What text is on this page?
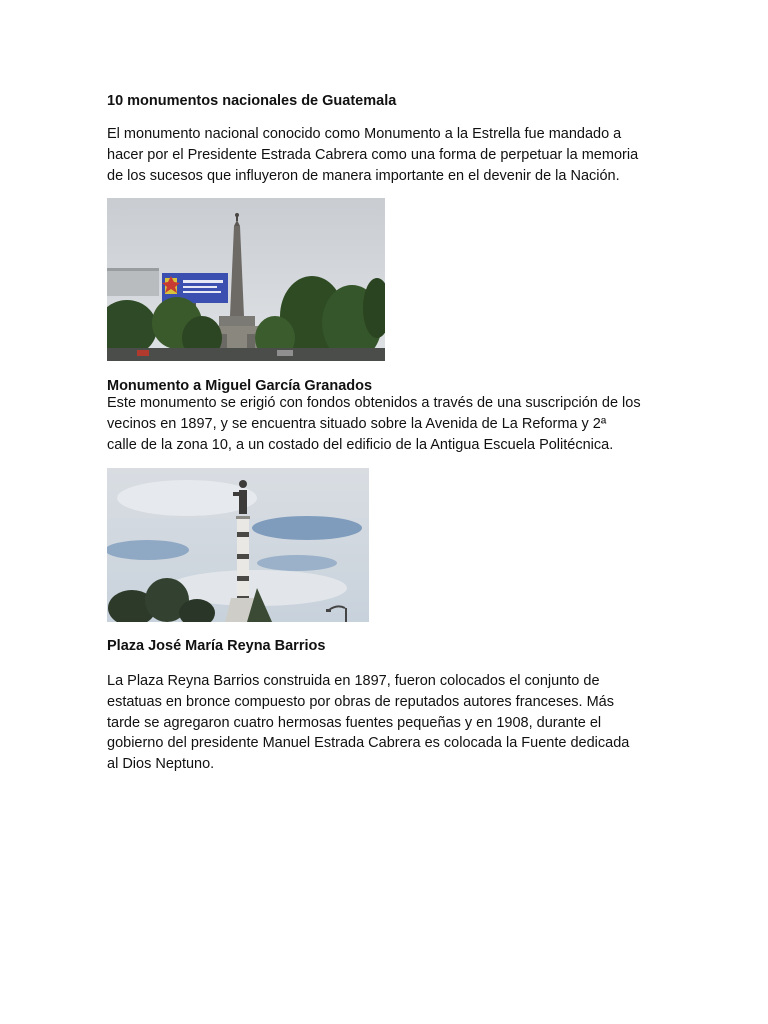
10 monumentos nacionales de Guatemala
El monumento nacional conocido como Monumento a la Estrella fue mandado a
hacer por el Presidente Estrada Cabrera como una forma de perpetuar la memoria
de los sucesos que influyeron de manera importante en el devenir de la Nación.
Monumento a Miguel García Granados
Este monumento se erigió con fondos obtenidos a través de una suscripción de los
vecinos en 1897, y se encuentra situado sobre la Avenida de La Reforma y 2ª
calle de la zona 10, a un costado del edificio de la Antigua Escuela Politécnica.
Plaza José María Reyna Barrios
La Plaza Reyna Barrios construida en 1897, fueron colocados el conjunto de
estatuas en bronce compuesto por obras de reputados autores franceses. Más
tarde se agregaron cuatro hermosas fuentes pequeñas y en 1908, durante el
gobierno del presidente Manuel Estrada Cabrera es colocada la Fuente dedicada
al Dios Neptuno.
